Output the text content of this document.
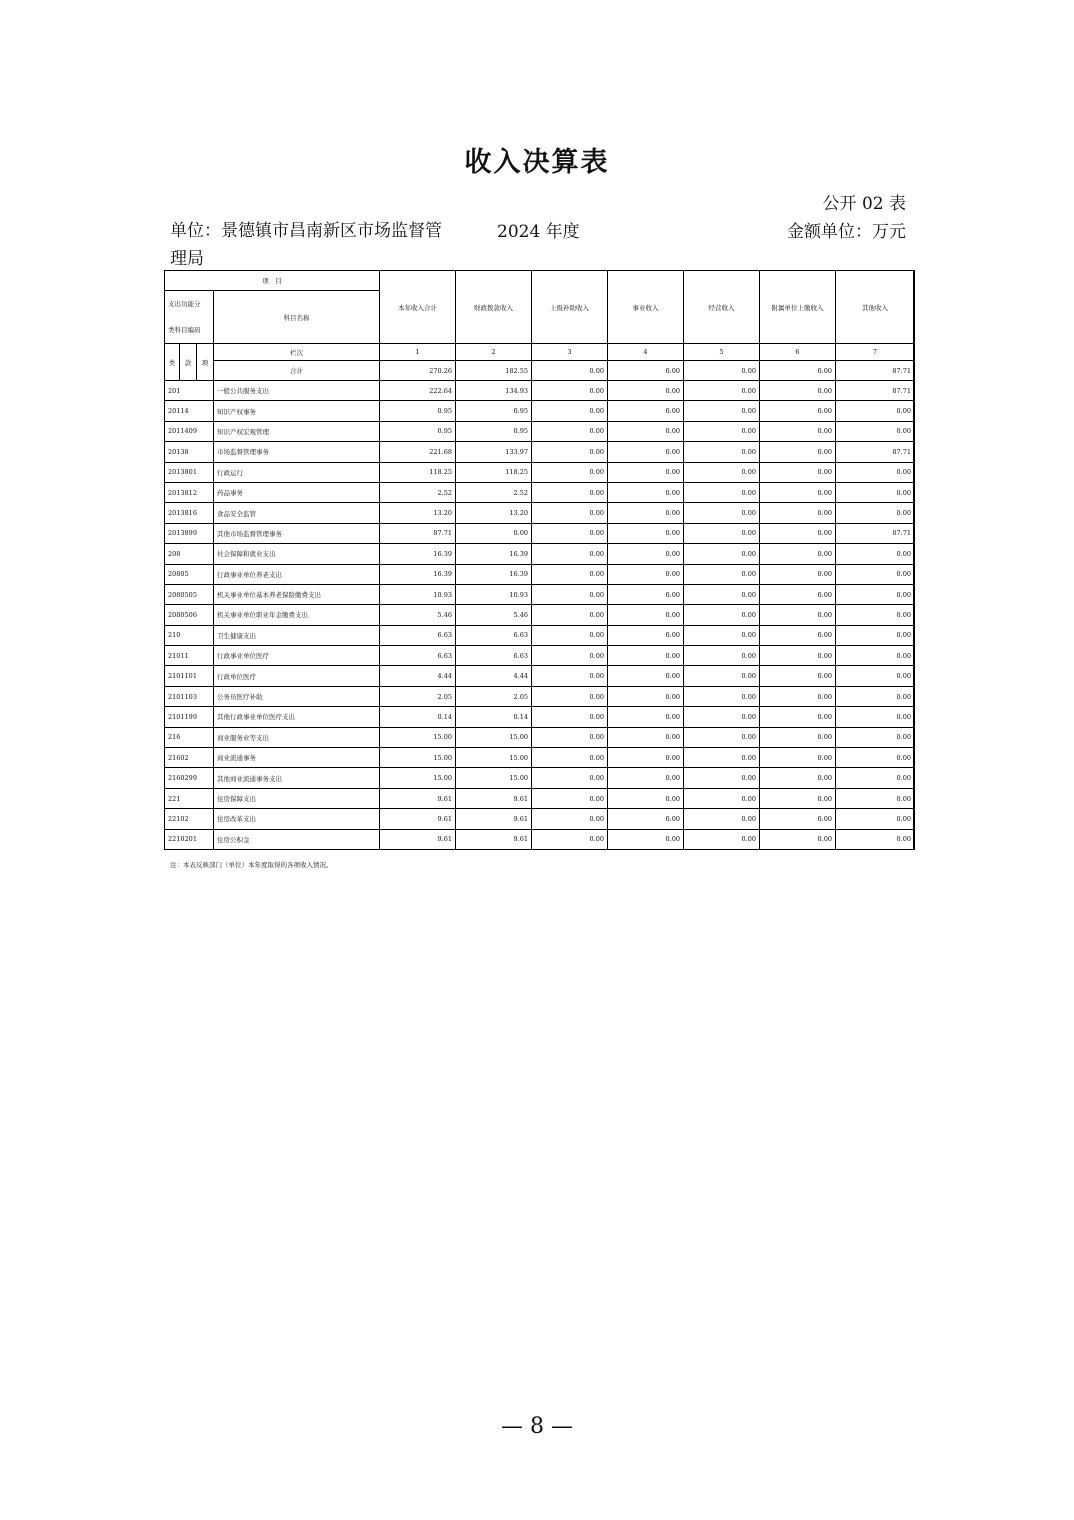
收入决算表
公开 02 表
单位：景德镇市昌南新区市场监督管理局
2024 年度	金额单位：万元
项　目				本年收入合计	财政拨款收入	上级补助收入	事业收入	经营收入	附属单位上缴收入	其他收入

支出功能分
类科目编码			科目名称							

类	款	项	栏次	1	2	3	4	5	6	7
			合计	270.26	182.55	0.00	0.00	0.00	0.00	87.71
201			一般公共服务支出	222.64	134.93	0.00	0.00	0.00	0.00	87.71
20114			知识产权事务	0.95	0.95	0.00	0.00	0.00	0.00	0.00
2011409			知识产权宏观管理	0.95	0.95	0.00	0.00	0.00	0.00	0.00
20138			市场监督管理事务	221.68	133.97	0.00	0.00	0.00	0.00	87.71
2013801			行政运行	118.25	118.25	0.00	0.00	0.00	0.00	0.00
2013812			药品事务	2.52	2.52	0.00	0.00	0.00	0.00	0.00
2013816			食品安全监管	13.20	13.20	0.00	0.00	0.00	0.00	0.00
2013899			其他市场监督管理事务	87.71	0.00	0.00	0.00	0.00	0.00	87.71
208			社会保障和就业支出	16.39	16.39	0.00	0.00	0.00	0.00	0.00
20805			行政事业单位养老支出	16.39	16.39	0.00	0.00	0.00	0.00	0.00
2080505			机关事业单位基本养老保险缴费支出	10.93	10.93	0.00	0.00	0.00	0.00	0.00
2080506			机关事业单位职业年金缴费支出	5.46	5.46	0.00	0.00	0.00	0.00	0.00
210			卫生健康支出	6.63	6.63	0.00	0.00	0.00	0.00	0.00
21011			行政事业单位医疗	6.63	6.63	0.00	0.00	0.00	0.00	0.00
2101101			行政单位医疗	4.44	4.44	0.00	0.00	0.00	0.00	0.00
2101103			公务员医疗补助	2.05	2.05	0.00	0.00	0.00	0.00	0.00
2101199			其他行政事业单位医疗支出	0.14	0.14	0.00	0.00	0.00	0.00	0.00
216			商业服务业等支出	15.00	15.00	0.00	0.00	0.00	0.00	0.00
21602			商业流通事务	15.00	15.00	0.00	0.00	0.00	0.00	0.00
2160299			其他商业流通事务支出	15.00	15.00	0.00	0.00	0.00	0.00	0.00
221			住房保障支出	9.61	9.61	0.00	0.00	0.00	0.00	0.00
22102			住房改革支出	9.61	9.61	0.00	0.00	0.00	0.00	0.00
2210201			住房公积金	9.61	9.61	0.00	0.00	0.00	0.00	0.00
注：本表反映部门（单位）本年度取得的各项收入情况。
— 8 —
